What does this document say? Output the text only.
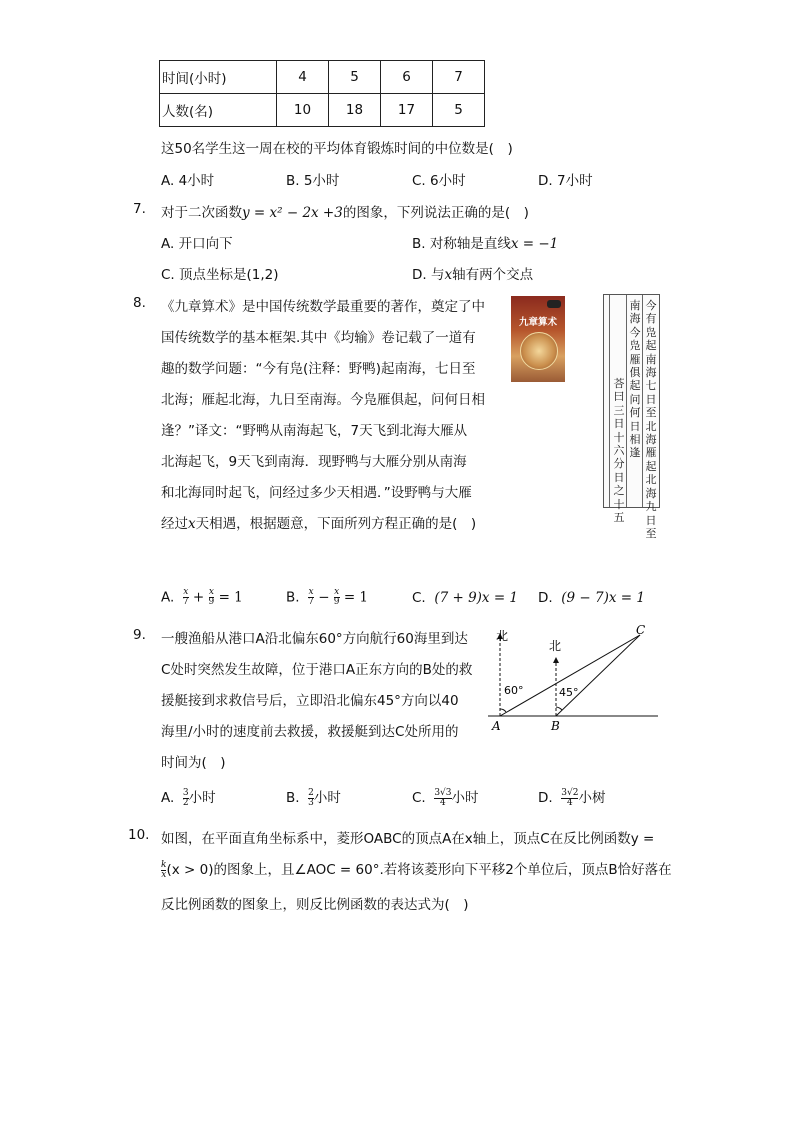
时间(小时)	4	5	6	7
人数(名)	10	18	17	5
这50名学生这一周在校的平均体育锻炼时间的中位数是(　)
A. 4小时	B. 5小时	C. 6小时	D. 7小时
7. 对于二次函数y = x² − 2x +3的图象，下列说法正确的是(　)
A. 开口向下	B. 对称轴是直线x = −1
C. 顶点坐标是(1,2)	D. 与x轴有两个交点
8. 《九章算术》是中国传统数学最重要的著作，奠定了中
国传统数学的基本框架.其中《均输》卷记载了一道有
趣的数学问题：“今有凫(注释：野鸭)起南海，七日至
北海；雁起北海，九日至南海。今凫雁俱起，问何日相
逢？”译文：“野鸭从南海起飞，7天飞到北海大雁从
北海起飞，9天飞到南海．现野鸭与大雁分别从南海
和北海同时起飞，问经过多少天相遇．”设野鸭与大雁
经过x天相遇，根据题意，下面所列方程正确的是(　)
九章算术
今有凫起南海七日至北海雁起北海九日至
南海今凫雁俱起问何日相逢
荅曰三日十六分日之十五
A. $\frac{x}{7} + \frac{x}{9} = 1$	B. $\frac{x}{7} - \frac{x}{9} = 1$	C. (7 + 9)x = 1 D. (9 − 7)x = 1
9. 一艘渔船从港口A沿北偏东60°方向航行60海里到达
C处时突然发生故障，位于港口A正东方向的B处的救
援艇接到求救信号后，立即沿北偏东45°方向以40
海里/小时的速度前去救援，救援艇到达C处所用的
时间为(　)
北
北
60°	45°
A	B
C
A. $\frac{3}{2}$ 小时	B. $\frac{2}{3}$ 小时	C. $\frac{3√3}{4}$ 小时	D. $\frac{3√2}{4}$ 小树
10. 如图，在平面直角坐标系中，菱形OABC的顶点A在x轴上，顶点C在反比例函数y =
$\frac{k}{x} (x > 0)$的图象上，且∠AOC = 60°.若将该菱形向下平移2个单位后，顶点B恰好落在
反比例函数的图象上，则反比例函数的表达式为(　)
